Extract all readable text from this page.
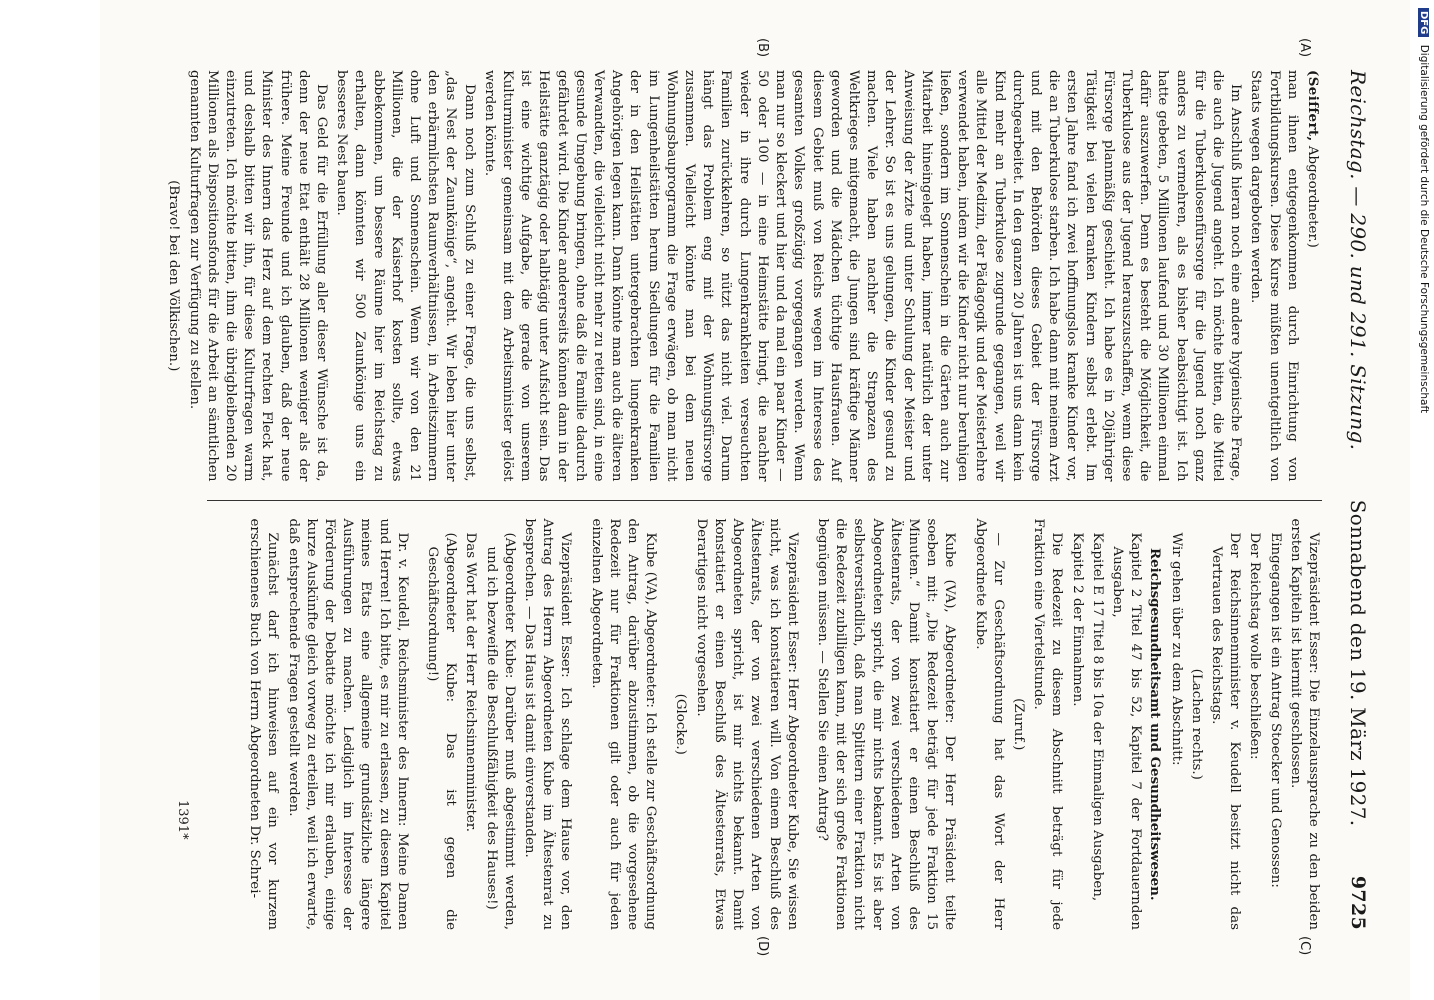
Reichstag. — 290. und 291. Sitzung.
Sonnabend den 19. März 1927.
9725
(A)
(B)
(C)
(D)

(Seiffert, Abgeordneter.)

man ihnen entgegenkommen durch Einrichtung von Fortbildungskursen. Diese Kurse müßten unentgeltlich von Staats wegen dargeboten werden.

Im Anschluß hieran noch eine andere hygienische Frage, die auch die Jugend angeht. Ich möchte bitten, die Mittel für die Tuberkulosenfürsorge für die Jugend noch ganz anders zu vermehren, als es bisher beabsichtigt ist. Ich hatte gebeten, 5 Millionen laufend und 30 Millionen einmal dafür auszuwerfen. Denn es besteht die Möglichkeit, die Tuberkulose aus der Jugend herauszuschaffen, wenn diese Fürsorge planmäßig geschieht. Ich habe es in 20jähriger Tätigkeit bei vielen kranken Kindern selbst erlebt. Im ersten Jahre fand ich zwei hoffnungslos kranke Kinder vor, die an Tuberkulose starben. Ich habe dann mit meinem Arzt und mit den Behörden dieses Gebiet der Fürsorge durchgearbeitet. In den ganzen 20 Jahren ist uns dann kein Kind mehr an Tuberkulose zugrunde gegangen, weil wir alle Mittel der Medizin, der Pädagogik und der Meisterlehre verwendet haben, indem wir die Kinder nicht nur beruhigen ließen, sondern im Sonnenschein in die Gärten auch zur Mitarbeit hineingelegt haben, immer natürlich der unter Anweisung der Ärzte und unter Schulung der Meister und der Lehrer. So ist es uns gelungen, die Kinder gesund zu machen. Viele haben nachher die Strapazen des Weltkrieges mitgemacht, die Jungen sind kräftige Männer geworden und die Mädchen tüchtige Hausfrauen. Auf diesem Gebiet muß von Reichs wegen im Interesse des gesamten Volkes großzügig vorgegangen werden. Wenn man nur so kleckert und hier und da mal ein paar Kinder — 50 oder 100 — in eine Heimstätte bringt, die nachher wieder in ihre durch Lungenkrankheiten verseuchten Familien zurückkehren, so nützt das nicht viel. Darum hängt das Problem eng mit der Wohnungsfürsorge zusammen. Vielleicht könnte man bei dem neuen Wohnungsbauprogramm die Frage erwägen, ob man nicht im Lungenheilstätten herum Siedlungen für die Familien der in den Heilstätten untergebrachten lungenkranken Angehörigen legen kann. Dann könnte man auch die älteren Verwandten, die vielleicht nicht mehr zu retten sind, in eine gesunde Umgebung bringen, ohne daß die Familie dadurch gefährdet wird. Die Kinder andererseits können dann in der Heilstätte ganztägig oder halbtägig unter Aufsicht sein. Das ist eine wichtige Aufgabe, die gerade von unserem Kulturminister gemeinsam mit dem Arbeitsminister gelöst werden könnte.

Dann noch zum Schluß zu einer Frage, die uns selbst, „das Nest der Zaunkönige“, angeht. Wir leben hier unter den erbärmlichsten Raumverhältnissen, in Arbeitszimmern ohne Luft und Sonnenschein. Wenn wir von den 21 Millionen, die der Kaiserhof kosten sollte, etwas abbekommen, um bessere Räume hier im Reichstag zu erhalten, dann könnten wir 500 Zaunkönige uns ein besseres Nest bauen.

Das Geld für die Erfüllung aller dieser Wünsche ist da, denn der neue Etat enthält 28 Millionen weniger als der frühere. Meine Freunde und ich glauben, daß der neue Minister des Innern das Herz auf dem rechten Fleck hat, und deshalb bitten wir ihn, für diese Kulturfragen warm einzutreten. Ich möchte bitten, ihm die übrigbleibenden 20 Millionen als Dispositionsfonds für die Arbeit an sämtlichen genannten Kulturfragen zur Verfügung zu stellen.

(Bravo! bei den Völkischen.)

Vizepräsident Esser: Die Einzelaussprache zu den beiden ersten Kapiteln ist hiermit geschlossen.

Eingegangen ist ein Antrag Stoecker und Genossen:

Der Reichstag wolle beschließen:

Der Reichsinnenminister v. Keudell besitzt nicht das Vertrauen des Reichstags.

(Lachen rechts.)

Wir gehen über zu dem Abschnitt:

Reichsgesundheitsamt und Gesundheitswesen.

Kapitel 2 Titel 47 bis 52, Kapitel 7 der Fortdauernden Ausgaben,

Kapitel E 17 Titel 8 bis 10a der Einmaligen Ausgaben,

Kapitel 2 der Einnahmen.

Die Redezeit zu diesem Abschnitt beträgt für jede Fraktion eine Viertelstunde.

(Zuruf.)

— Zur Geschäftsordnung hat das Wort der Herr Abgeordnete Kube.

Kube (VA), Abgeordneter: Der Herr Präsident teilte soeben mit: „Die Redezeit beträgt für jede Fraktion 15 Minuten.“ Damit konstatiert er einen Beschluß des Ältestenrats, der von zwei verschiedenen Arten von Abgeordneten spricht, die mir nichts bekannt. Es ist aber selbstverständlich, daß man Splittern einer Fraktion nicht die Redezeit zubilligen kann, mit der sich große Fraktionen begnügen müssen. — Stellen Sie einen Antrag?

Vizepräsident Esser: Herr Abgeordneter Kube, Sie wissen nicht, was ich konstatieren will. Von einem Beschluß des Ältestenrats, der von zwei verschiedenen Arten von Abgeordneten spricht, ist mir nichts bekannt. Damit konstatiert er einen Beschluß des Ältestenrats, Etwas Derartiges nicht vorgesehen.

(Glocke.)

Kube (VA), Abgeordneter: Ich stelle zur Geschäftsordnung den Antrag, darüber abzustimmen, ob die vorgesehene Redezeit nur für Fraktionen gilt oder auch für jeden einzelnen Abgeordneten.

Vizepräsident Esser: Ich schlage dem Hause vor, den Antrag des Herrn Abgeordneten Kube im Ältestenrat zu besprechen. — Das Haus ist damit einverstanden.

(Abgeordneter Kube: Darüber muß abgestimmt werden, und ich bezweifle die Beschlußfähigkeit des Hauses!)

Das Wort hat der Herr Reichsinnenminister.

(Abgeordneter Kube: Das ist gegen die Geschäftsordnung!)

Dr. v. Keudell, Reichsminister des Innern: Meine Damen und Herren! Ich bitte, es mir zu erlassen, zu diesem Kapitel meines Etats eine allgemeine grundsätzliche längere Ausführungen zu machen. Lediglich im Interesse der Förderung der Debatte möchte ich mir erlauben, einige kurze Auskünfte gleich vorweg zu erteilen, weil ich erwarte, daß entsprechende Fragen gestellt werden.

Zunächst darf ich hinweisen auf ein vor kurzem erschienenes Buch von Herrn Abgeordneten Dr. Schrei-

1391*
DFG Digitalisierung gefördert durch die Deutsche Forschungsgemeinschaft
